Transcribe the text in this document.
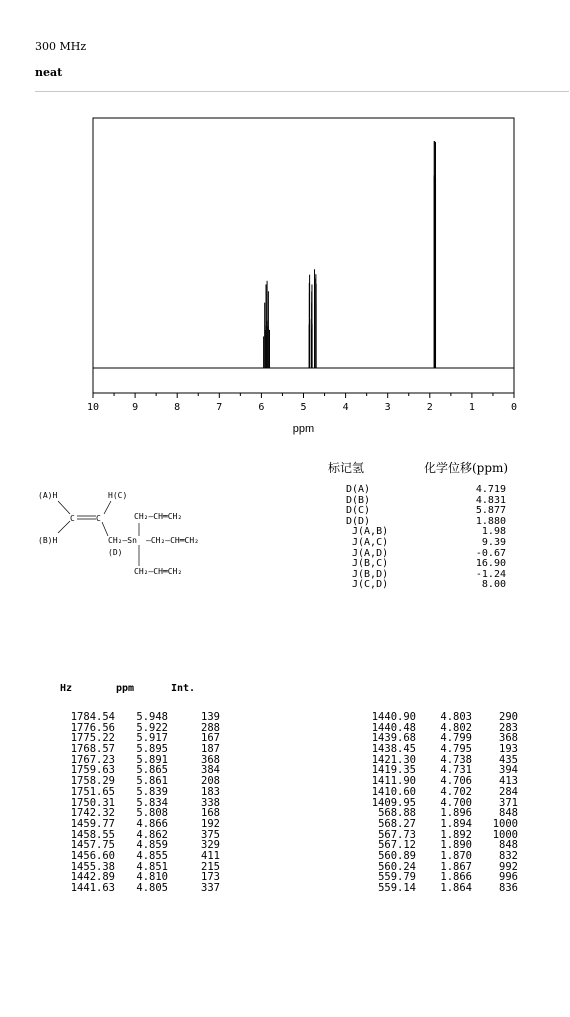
300 MHz
neat
10	9	8	7	6	5	4	3	2	1	0
ppm
(A)H
(B)H
H(C)
C	C
CH₂–Sn
(D)
CH₂—CH═CH₂
—CH₂—CH═CH₂
CH₂—CH═CH₂
标记氢	化学位移(ppm)
D(A)	4.719
D(B)	4.831
D(C)	5.877
D(D)	1.880
J(A,B)	1.98
J(A,C)	9.39
J(A,D)	-0.67
J(B,C)	16.90
J(B,D)	-1.24
J(C,D)	8.00
Hz	ppm	Int.
1784.54 5.948	139
1776.56 5.922	288
1775.22 5.917	167
1768.57 5.895	187
1767.23 5.891	368
1759.63 5.865	384
1758.29 5.861	208
1751.65 5.839	183
1750.31 5.834	338
1742.32 5.808	168
1459.77 4.866	192
1458.55 4.862	375
1457.75 4.859	329
1456.60 4.855	411
1455.38 4.851	215
1442.89 4.810	173
1441.63 4.805	337
1440.90 4.803	290
1440.48 4.802	283
1439.68 4.799	368
1438.45 4.795	193
1421.30 4.738	435
1419.35 4.731	394
1411.90 4.706	413
1410.60 4.702	284
1409.95 4.700	371
568.88 1.896	848
568.27 1.894 1000
567.73 1.892 1000
567.12 1.890	848
560.89 1.870	832
560.24 1.867	992
559.79 1.866	996
559.14 1.864	836
